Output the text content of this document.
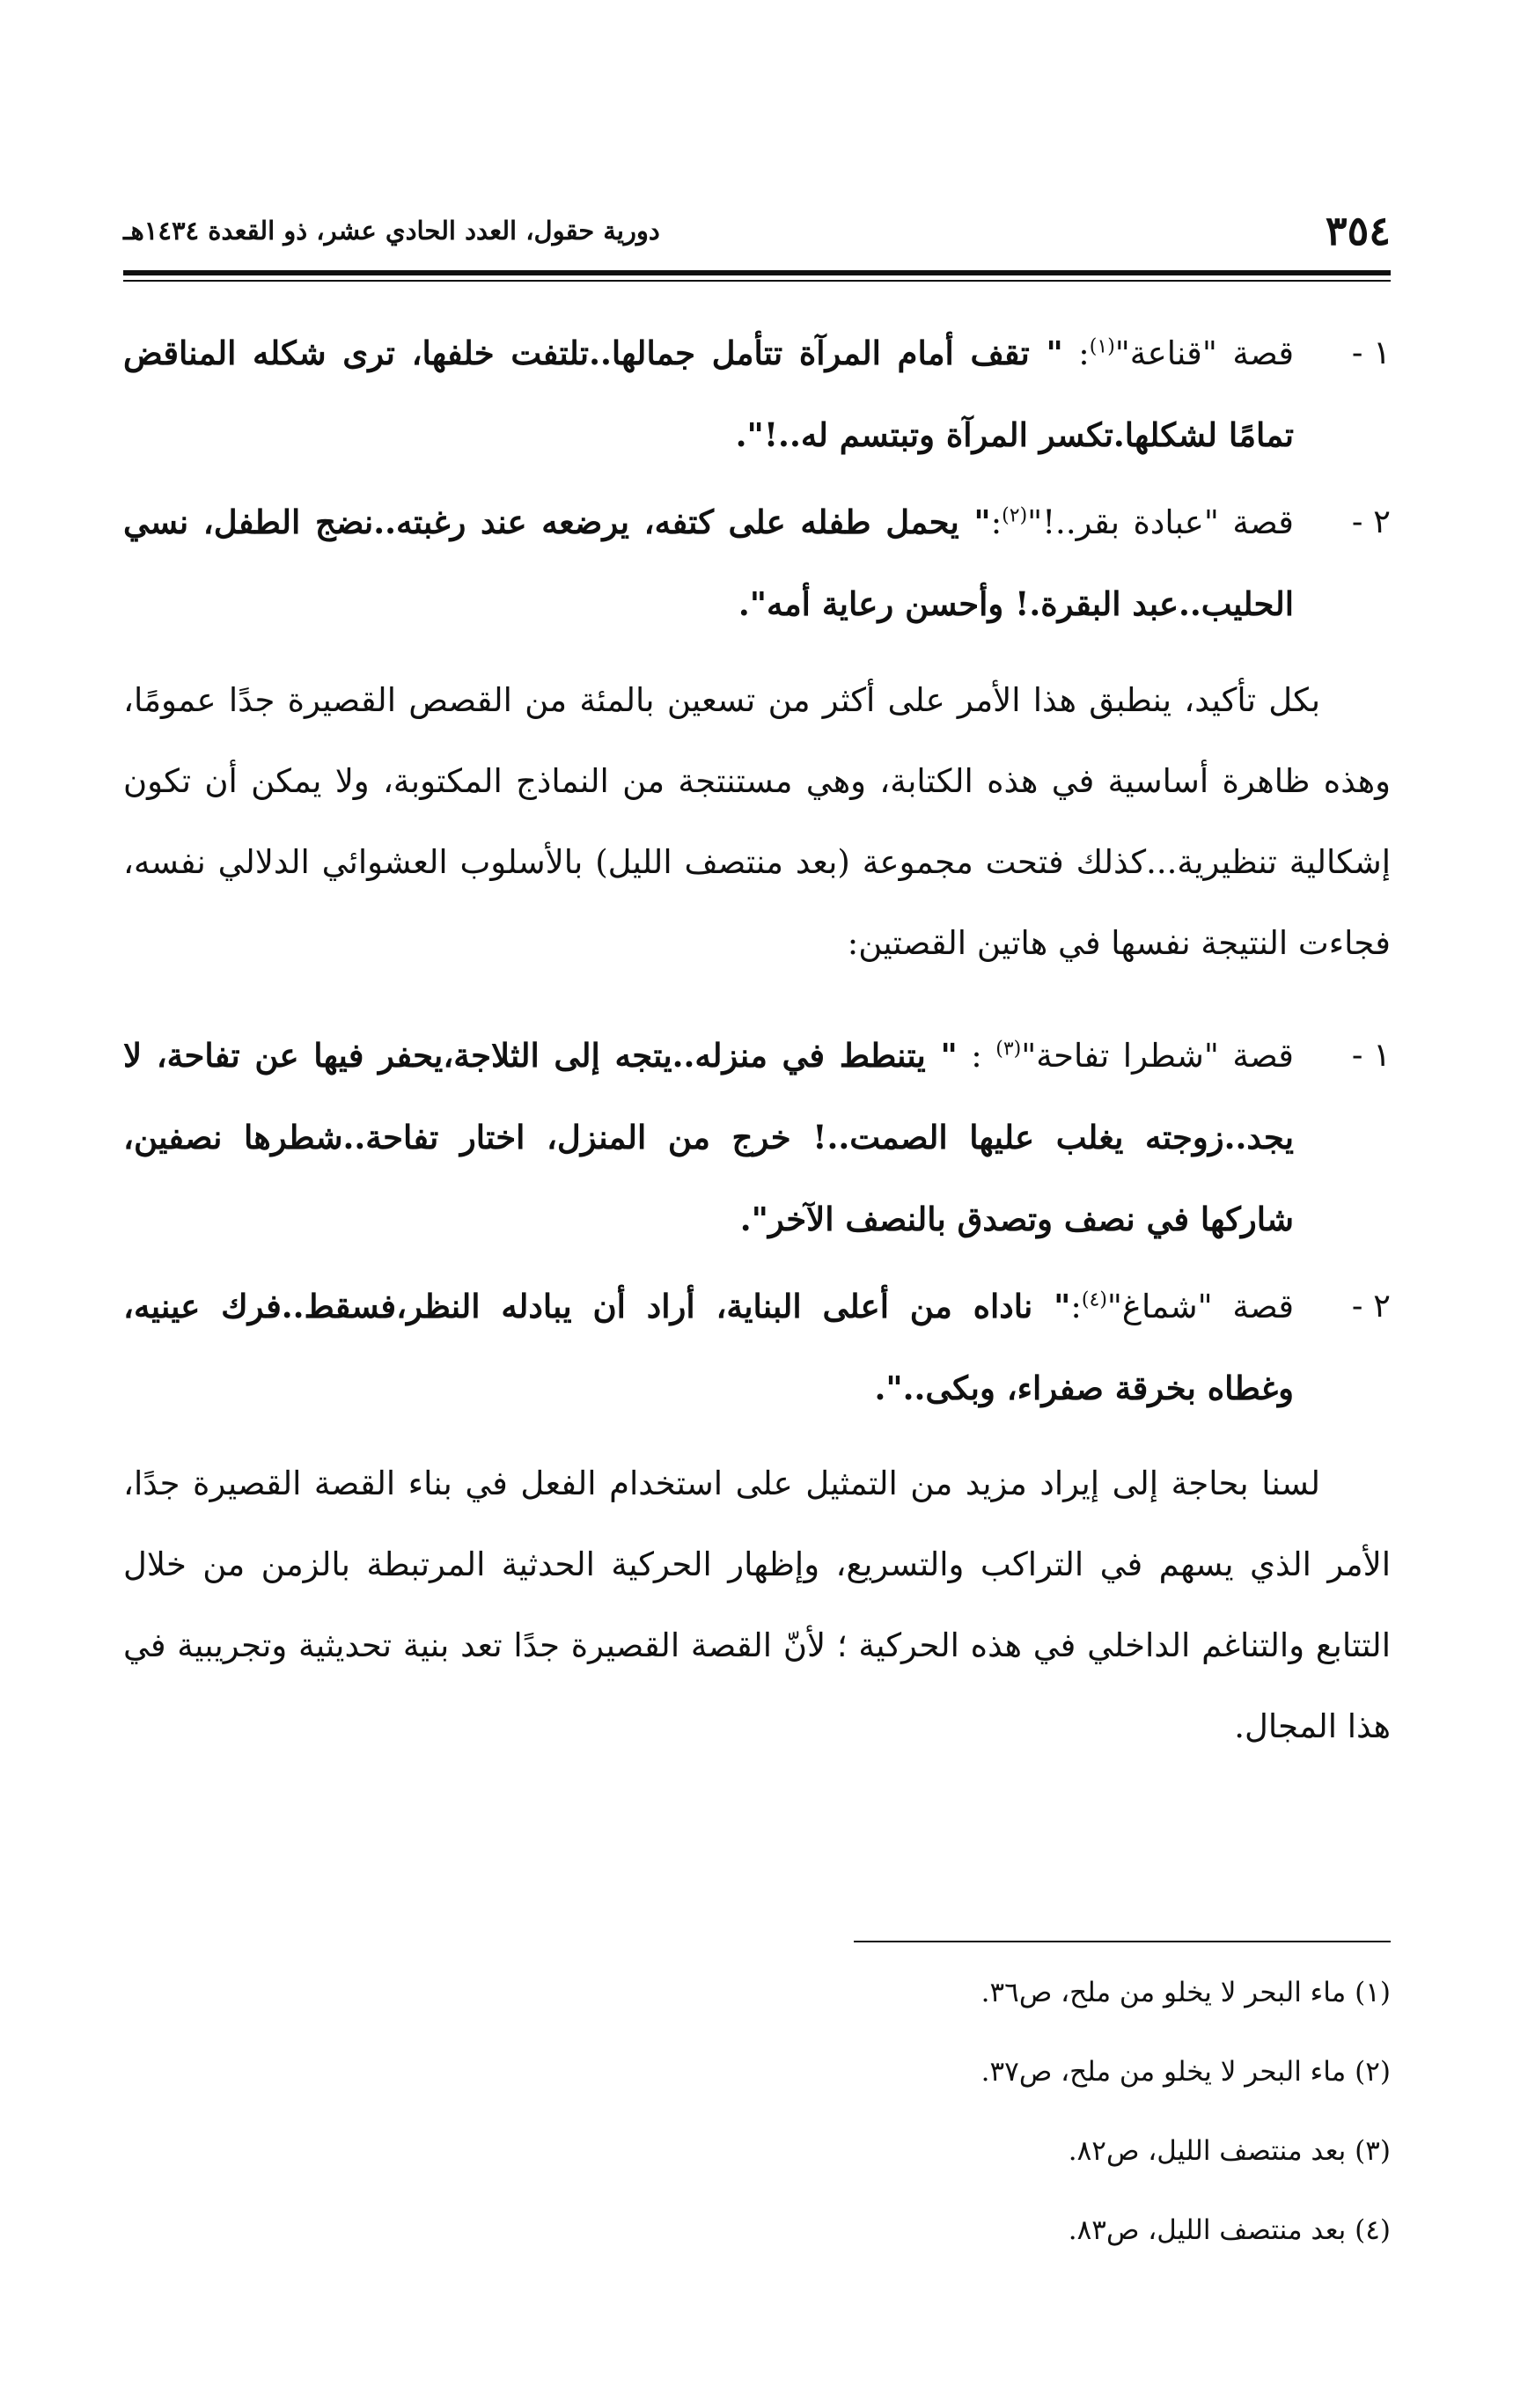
٣٥٤
دورية حقول، العدد الحادي عشر، ذو القعدة ١٤٣٤هـ
١ -
قصة "قناعة"$^{(١)}$: " تقف أمام المرآة تتأمل جمالها..تلتفت خلفها، ترى شكله المناقض تمامًا لشكلها.تكسر المرآة وتبتسم له..!".
٢ -
قصة "عبادة بقر..!"$^{(٢)}$:" يحمل طفله على كتفه، يرضعه عند رغبته..نضج الطفل، نسي الحليب..عبد البقرة.! وأحسن رعاية أمه".
بكل تأكيد، ينطبق هذا الأمر على أكثر من تسعين بالمئة من القصص القصيرة جدًا عمومًا، وهذه ظاهرة أساسية في هذه الكتابة، وهي مستنتجة من النماذج المكتوبة، ولا يمكن أن تكون إشكالية تنظيرية...كذلك فتحت مجموعة (بعد منتصف الليل) بالأسلوب العشوائي الدلالي نفسه، فجاءت النتيجة نفسها في هاتين القصتين:
١ -
قصة "شطرا تفاحة"$^{(٣)}$ : " يتنطط في منزله..يتجه إلى الثلاجة،يحفر فيها عن تفاحة، لا يجد..زوجته يغلب عليها الصمت..! خرج من المنزل، اختار تفاحة..شطرها نصفين، شاركها في نصف وتصدق بالنصف الآخر".
٢ -
قصة "شماغ"$^{(٤)}$:" ناداه من أعلى البناية، أراد أن يبادله النظر،فسقط..فرك عينيه، وغطاه بخرقة صفراء، وبكى..".
لسنا بحاجة إلى إيراد مزيد من التمثيل على استخدام الفعل في بناء القصة القصيرة جدًا، الأمر الذي يسهم في التراكب والتسريع، وإظهار الحركية الحدثية المرتبطة بالزمن من خلال التتابع والتناغم الداخلي في هذه الحركية ؛ لأنّ القصة القصيرة جدًا تعد بنية تحديثية وتجريبية في هذا المجال.
(١) ماء البحر لا يخلو من ملح، ص٣٦.
(٢) ماء البحر لا يخلو من ملح، ص٣٧.
(٣) بعد منتصف الليل، ص٨٢.
(٤) بعد منتصف الليل، ص٨٣.
